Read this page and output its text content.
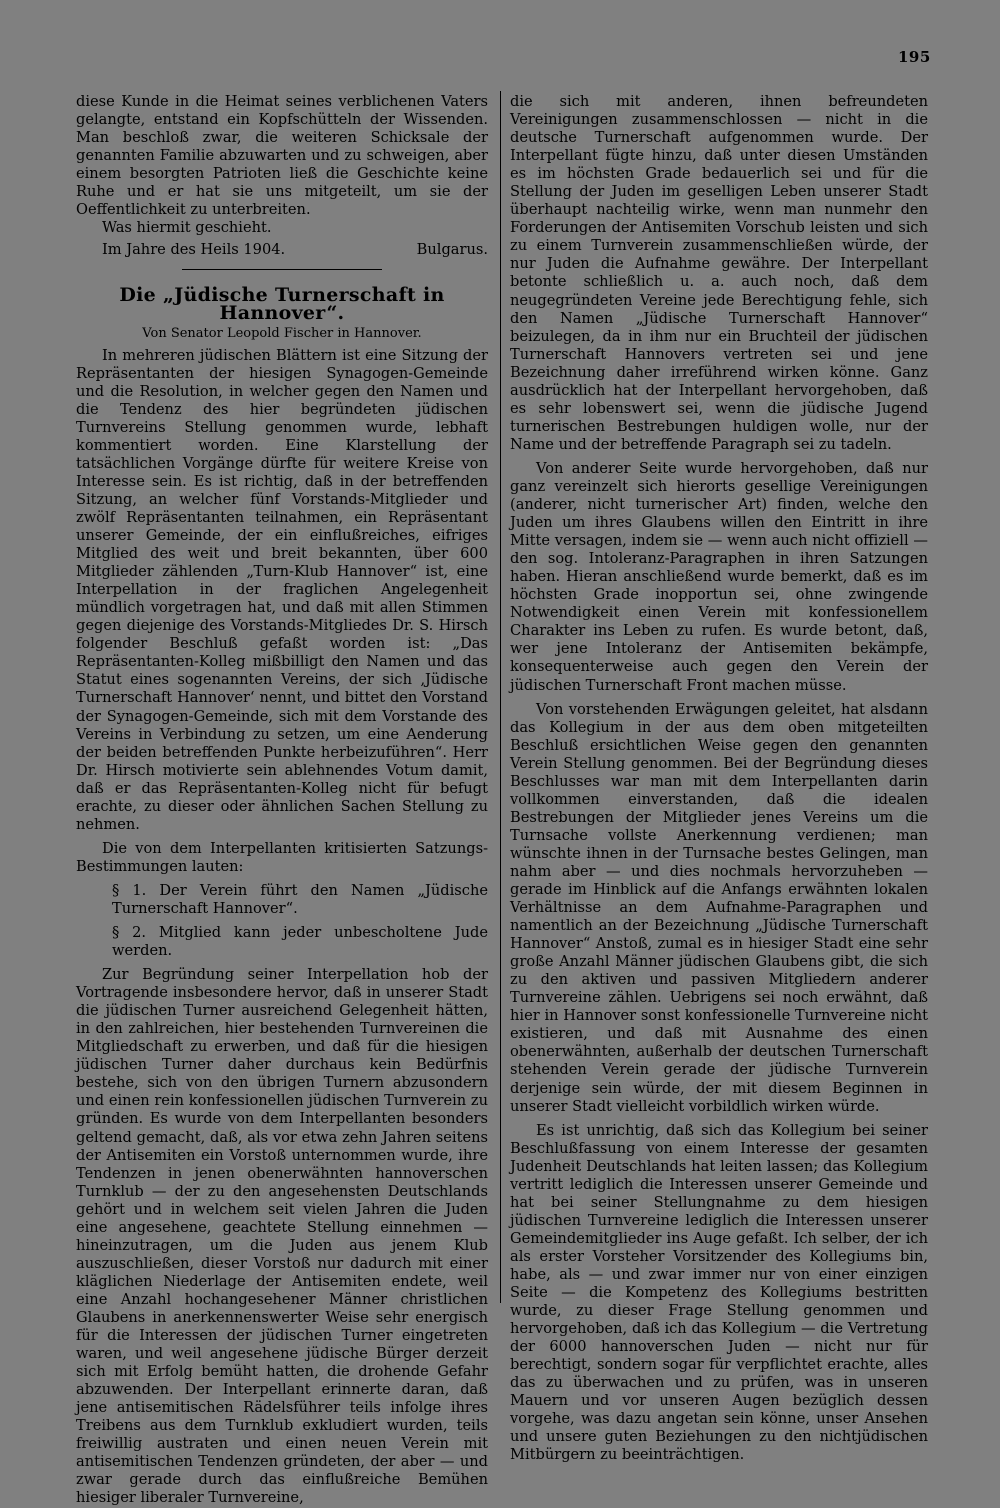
195

diese Kunde in die Heimat seines verblichenen Vaters gelangte, entstand ein Kopfschütteln der Wissenden. Man beschloß zwar, die weiteren Schicksale der genannten Familie abzuwarten und zu schweigen, aber einem besorgten Patrioten ließ die Geschichte keine Ruhe und er hat sie uns mitgeteilt, um sie der Oeffentlichkeit zu unterbreiten.

Was hiermit geschieht.

Im Jahre des Heils 1904.	Bulgarus.
Die „Jüdische Turnerschaft in Hannover“.
Von Senator Leopold Fischer in Hannover.

In mehreren jüdischen Blättern ist eine Sitzung der Repräsentanten der hiesigen Synagogen-Gemeinde und die Resolution, in welcher gegen den Namen und die Tendenz des hier begründeten jüdischen Turnvereins Stellung genommen wurde, lebhaft kommentiert worden. Eine Klarstellung der tatsächlichen Vorgänge dürfte für weitere Kreise von Interesse sein. Es ist richtig, daß in der betreffenden Sitzung, an welcher fünf Vorstands-Mitglieder und zwölf Repräsentanten teilnahmen, ein Repräsentant unserer Gemeinde, der ein einflußreiches, eifriges Mitglied des weit und breit bekannten, über 600 Mitglieder zählenden „Turn-Klub Hannover“ ist, eine Interpellation in der fraglichen Angelegenheit mündlich vorgetragen hat, und daß mit allen Stimmen gegen diejenige des Vorstands-Mitgliedes Dr. S. Hirsch folgender Beschluß gefaßt worden ist: „Das Repräsentanten-Kolleg mißbilligt den Namen und das Statut eines sogenannten Vereins, der sich ‚Jüdische Turnerschaft Hannover‘ nennt, und bittet den Vorstand der Synagogen-Gemeinde, sich mit dem Vorstande des Vereins in Verbindung zu setzen, um eine Aenderung der beiden betreffenden Punkte herbeizuführen“. Herr Dr. Hirsch motivierte sein ablehnendes Votum damit, daß er das Repräsentanten-Kolleg nicht für befugt erachte, zu dieser oder ähnlichen Sachen Stellung zu nehmen.

Die von dem Interpellanten kritisierten Satzungs-Bestimmungen lauten:

§ 1. Der Verein führt den Namen „Jüdische Turnerschaft Hannover“.

§ 2. Mitglied kann jeder unbescholtene Jude werden.

Zur Begründung seiner Interpellation hob der Vortragende insbesondere hervor, daß in unserer Stadt die jüdischen Turner ausreichend Gelegenheit hätten, in den zahlreichen, hier bestehenden Turnvereinen die Mitgliedschaft zu erwerben, und daß für die hiesigen jüdischen Turner daher durchaus kein Bedürfnis bestehe, sich von den übrigen Turnern abzusondern und einen rein konfessionellen jüdischen Turnverein zu gründen. Es wurde von dem Interpellanten besonders geltend gemacht, daß, als vor etwa zehn Jahren seitens der Antisemiten ein Vorstoß unternommen wurde, ihre Tendenzen in jenen obenerwähnten hannoverschen Turnklub — der zu den angesehensten Deutschlands gehört und in welchem seit vielen Jahren die Juden eine angesehene, geachtete Stellung einnehmen — hineinzutragen, um die Juden aus jenem Klub auszuschließen, dieser Vorstoß nur dadurch mit einer kläglichen Niederlage der Antisemiten endete, weil eine Anzahl hochangesehener Männer christlichen Glaubens in anerkennenswerter Weise sehr energisch für die Interessen der jüdischen Turner eingetreten waren, und weil angesehene jüdische Bürger derzeit sich mit Erfolg bemüht hatten, die drohende Gefahr abzuwenden. Der Interpellant erinnerte daran, daß jene antisemitischen Rädelsführer teils infolge ihres Treibens aus dem Turnklub exkludiert wurden, teils freiwillig austraten und einen neuen Verein mit antisemitischen Tendenzen gründeten, der aber — und zwar gerade durch das einflußreiche Bemühen hiesiger liberaler Turnvereine,

die sich mit anderen, ihnen befreundeten Vereinigungen zusammenschlossen — nicht in die deutsche Turnerschaft aufgenommen wurde. Der Interpellant fügte hinzu, daß unter diesen Umständen es im höchsten Grade bedauerlich sei und für die Stellung der Juden im geselligen Leben unserer Stadt überhaupt nachteilig wirke, wenn man nunmehr den Forderungen der Antisemiten Vorschub leisten und sich zu einem Turnverein zusammenschließen würde, der nur Juden die Aufnahme gewähre. Der Interpellant betonte schließlich u. a. auch noch, daß dem neugegründeten Vereine jede Berechtigung fehle, sich den Namen „Jüdische Turnerschaft Hannover“ beizulegen, da in ihm nur ein Bruchteil der jüdischen Turnerschaft Hannovers vertreten sei und jene Bezeichnung daher irreführend wirken könne. Ganz ausdrücklich hat der Interpellant hervorgehoben, daß es sehr lobenswert sei, wenn die jüdische Jugend turnerischen Bestrebungen huldigen wolle, nur der Name und der betreffende Paragraph sei zu tadeln.

Von anderer Seite wurde hervorgehoben, daß nur ganz vereinzelt sich hierorts gesellige Vereinigungen (anderer, nicht turnerischer Art) finden, welche den Juden um ihres Glaubens willen den Eintritt in ihre Mitte versagen, indem sie — wenn auch nicht offiziell — den sog. Intoleranz-Paragraphen in ihren Satzungen haben. Hieran anschließend wurde bemerkt, daß es im höchsten Grade inopportun sei, ohne zwingende Notwendigkeit einen Verein mit konfessionellem Charakter ins Leben zu rufen. Es wurde betont, daß, wer jene Intoleranz der Antisemiten bekämpfe, konsequenterweise auch gegen den Verein der jüdischen Turnerschaft Front machen müsse.

Von vorstehenden Erwägungen geleitet, hat alsdann das Kollegium in der aus dem oben mitgeteilten Beschluß ersichtlichen Weise gegen den genannten Verein Stellung genommen. Bei der Begründung dieses Beschlusses war man mit dem Interpellanten darin vollkommen einverstanden, daß die idealen Bestrebungen der Mitglieder jenes Vereins um die Turnsache vollste Anerkennung verdienen; man wünschte ihnen in der Turnsache bestes Gelingen, man nahm aber — und dies nochmals hervorzuheben — gerade im Hinblick auf die Anfangs erwähnten lokalen Verhältnisse an dem Aufnahme-Paragraphen und namentlich an der Bezeichnung „Jüdische Turnerschaft Hannover“ Anstoß, zumal es in hiesiger Stadt eine sehr große Anzahl Männer jüdischen Glaubens gibt, die sich zu den aktiven und passiven Mitgliedern anderer Turnvereine zählen. Uebrigens sei noch erwähnt, daß hier in Hannover sonst konfessionelle Turnvereine nicht existieren, und daß mit Ausnahme des einen obenerwähnten, außerhalb der deutschen Turnerschaft stehenden Verein gerade der jüdische Turnverein derjenige sein würde, der mit diesem Beginnen in unserer Stadt vielleicht vorbildlich wirken würde.

Es ist unrichtig, daß sich das Kollegium bei seiner Beschlußfassung von einem Interesse der gesamten Judenheit Deutschlands hat leiten lassen; das Kollegium vertritt lediglich die Interessen unserer Gemeinde und hat bei seiner Stellungnahme zu dem hiesigen jüdischen Turnvereine lediglich die Interessen unserer Gemeindemitglieder ins Auge gefaßt. Ich selber, der ich als erster Vorsteher Vorsitzender des Kollegiums bin, habe, als — und zwar immer nur von einer einzigen Seite — die Kompetenz des Kollegiums bestritten wurde, zu dieser Frage Stellung genommen und hervorgehoben, daß ich das Kollegium — die Vertretung der 6000 hannoverschen Juden — nicht nur für berechtigt, sondern sogar für verpflichtet erachte, alles das zu überwachen und zu prüfen, was in unseren Mauern und vor unseren Augen bezüglich dessen vorgehe, was dazu angetan sein könne, unser Ansehen und unsere guten Beziehungen zu den nichtjüdischen Mitbürgern zu beeinträchtigen.
